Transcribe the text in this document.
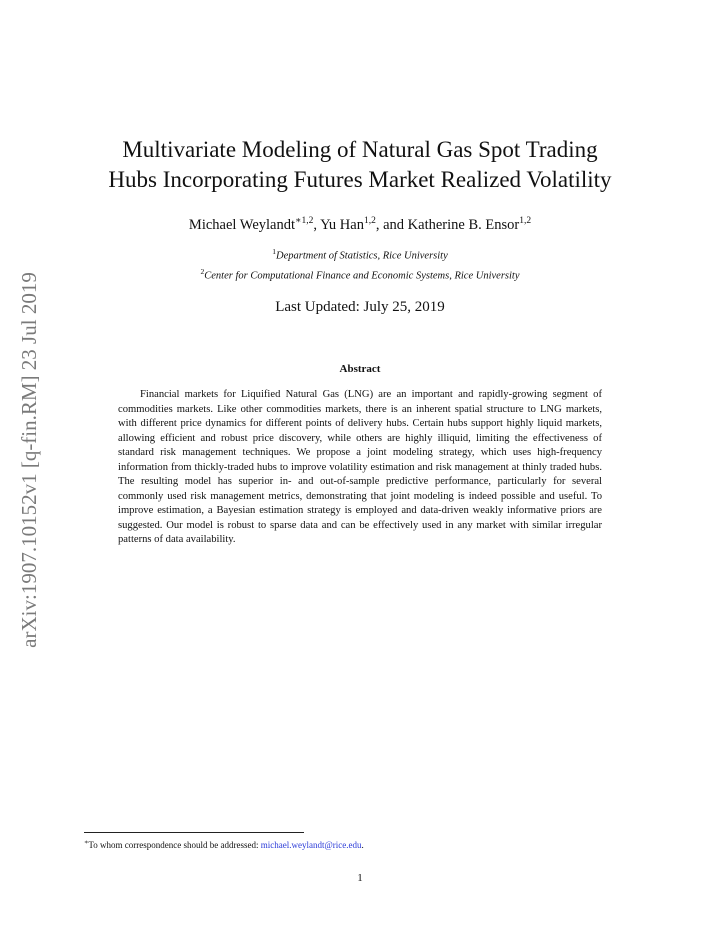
arXiv:1907.10152v1 [q-fin.RM] 23 Jul 2019
Multivariate Modeling of Natural Gas Spot Trading
Hubs Incorporating Futures Market Realized Volatility
Michael Weylandt$^{∗1,2}$, Yu Han$^{1,2}$, and Katherine B. Ensor$^{1,2}$
$^1$Department of Statistics, Rice University
$^2$Center for Computational Finance and Economic Systems, Rice University
Last Updated: July 25, 2019
Abstract

Financial markets for Liquified Natural Gas (LNG) are an important and rapidly-growing segment of commodities markets. Like other commodities markets, there is an inherent spatial structure to LNG markets, with different price dynamics for different points of delivery hubs. Certain hubs support highly liquid markets, allowing efficient and robust price discovery, while others are highly illiquid, limiting the effectiveness of standard risk management techniques. We propose a joint modeling strategy, which uses high-frequency information from thickly-traded hubs to improve volatility estimation and risk management at thinly traded hubs. The resulting model has superior in- and out-of-sample predictive performance, particularly for several commonly used risk management metrics, demonstrating that joint modeling is indeed possible and useful. To improve estimation, a Bayesian estimation strategy is employed and data-driven weakly informative priors are suggested. Our model is robust to sparse data and can be effectively used in any market with similar irregular patterns of data availability.

∗To whom correspondence should be addressed: michael.weylandt@rice.edu.
1
